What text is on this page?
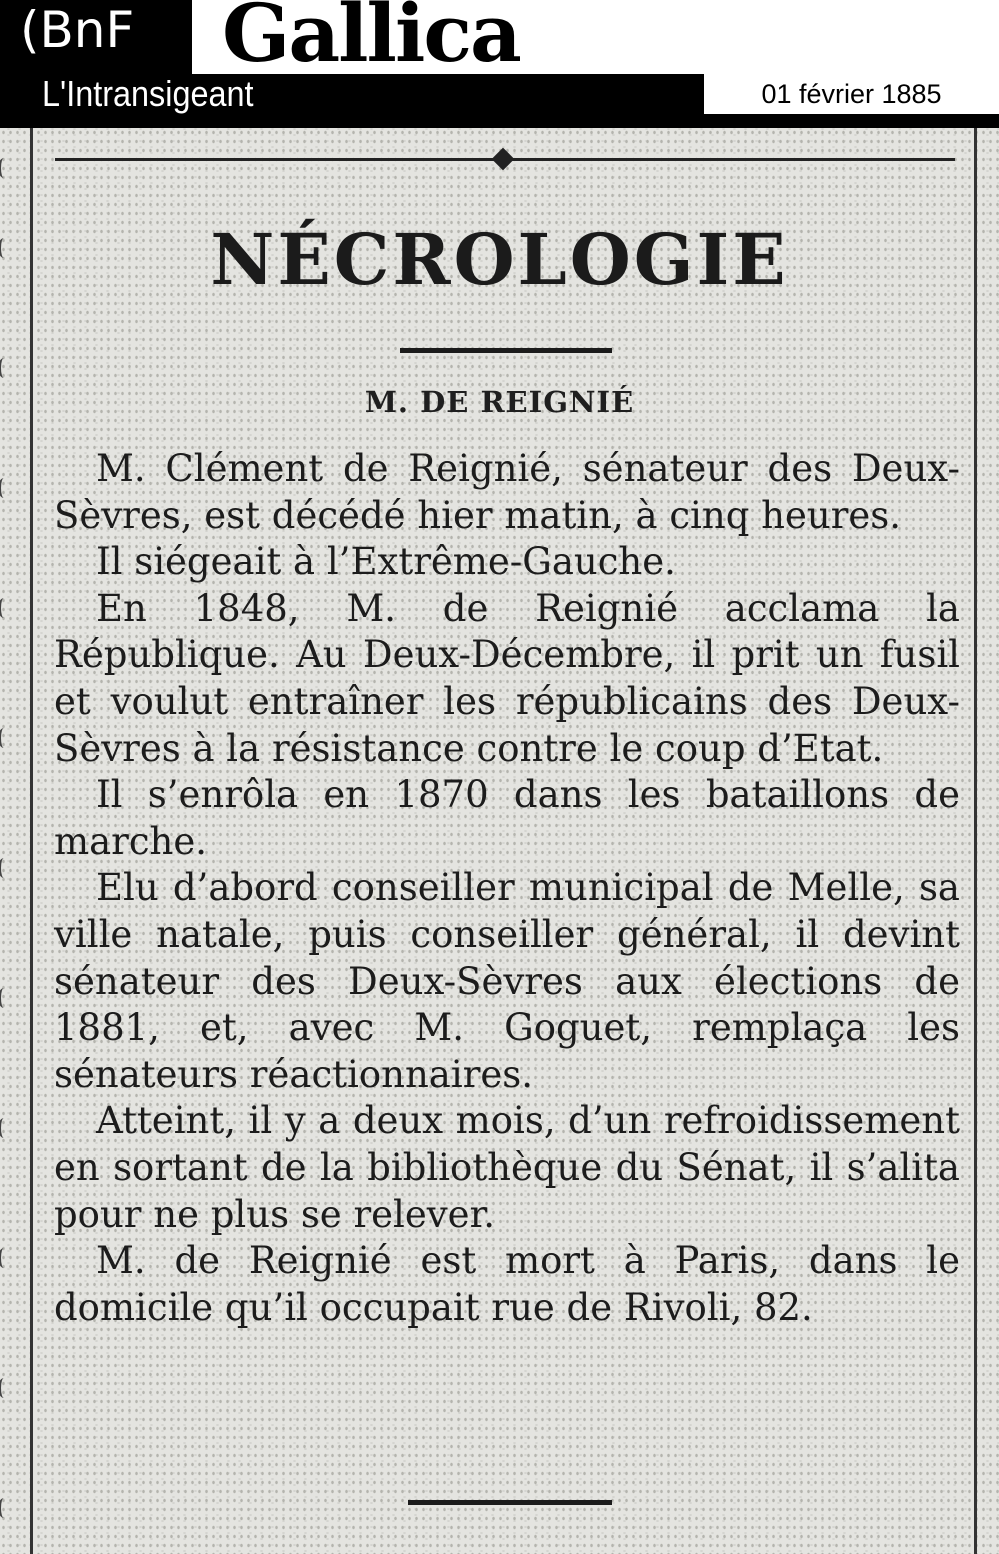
(BnF Gallica
L'Intransigeant	01 février 1885
NÉCROLOGIE
M. DE REIGNIÉ

M. Clément de Reignié, sénateur des Deux-Sèvres, est décédé hier matin, à cinq heures.

Il siégeait à l’Extrême-Gauche.

En 1848, M. de Reignié acclama la République. Au Deux-Décembre, il prit un fusil et voulut entraîner les républicains des Deux-Sèvres à la résistance contre le coup d’Etat.

Il s’enrôla en 1870 dans les bataillons de marche.

Elu d’abord conseiller municipal de Melle, sa ville natale, puis conseiller général, il devint sénateur des Deux-Sèvres aux élections de 1881, et, avec M. Goguet, remplaça les sénateurs réactionnaires.

Atteint, il y a deux mois, d’un refroidissement en sortant de la bibliothèque du Sénat, il s’alita pour ne plus se relever.

M. de Reignié est mort à Paris, dans le domicile qu’il occupait rue de Rivoli, 82.
